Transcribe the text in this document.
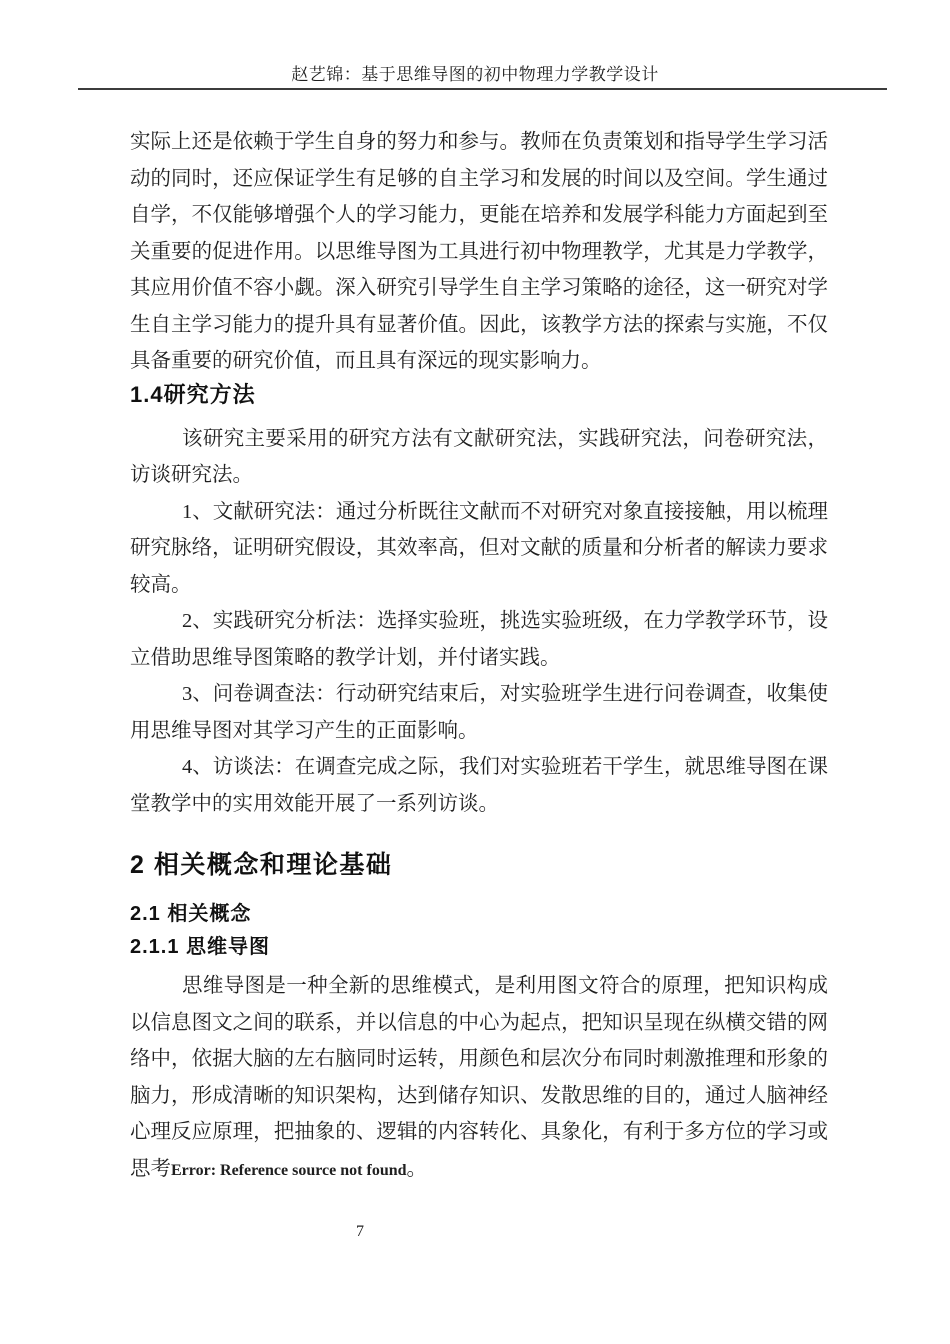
赵艺锦：基于思维导图的初中物理力学教学设计

实际上还是依赖于学生自身的努力和参与。教师在负责策划和指导学生学习活动的同时，还应保证学生有足够的自主学习和发展的时间以及空间。学生通过自学，不仅能够增强个人的学习能力，更能在培养和发展学科能力方面起到至关重要的促进作用。以思维导图为工具进行初中物理教学，尤其是力学教学，其应用价值不容小觑。深入研究引导学生自主学习策略的途径，这一研究对学生自主学习能力的提升具有显著价值。因此，该教学方法的探索与实施，不仅具备重要的研究价值，而且具有深远的现实影响力。

1.4研究方法

该研究主要采用的研究方法有文献研究法，实践研究法，问卷研究法，访谈研究法。

1、文献研究法：通过分析既往文献而不对研究对象直接接触，用以梳理研究脉络，证明研究假设，其效率高，但对文献的质量和分析者的解读力要求较高。

2、实践研究分析法：选择实验班，挑选实验班级，在力学教学环节，设立借助思维导图策略的教学计划，并付诸实践。

3、问卷调查法：行动研究结束后，对实验班学生进行问卷调查，收集使用思维导图对其学习产生的正面影响。

4、访谈法：在调查完成之际，我们对实验班若干学生，就思维导图在课堂教学中的实用效能开展了一系列访谈。

2 相关概念和理论基础
2.1 相关概念
2.1.1 思维导图

思维导图是一种全新的思维模式，是利用图文符合的原理，把知识构成以信息图文之间的联系，并以信息的中心为起点，把知识呈现在纵横交错的网络中，依据大脑的左右脑同时运转，用颜色和层次分布同时刺激推理和形象的脑力，形成清晰的知识架构，达到储存知识、发散思维的目的，通过人脑神经心理反应原理，把抽象的、逻辑的内容转化、具象化，有利于多方位的学习或思考Error: Reference source not found。

7
